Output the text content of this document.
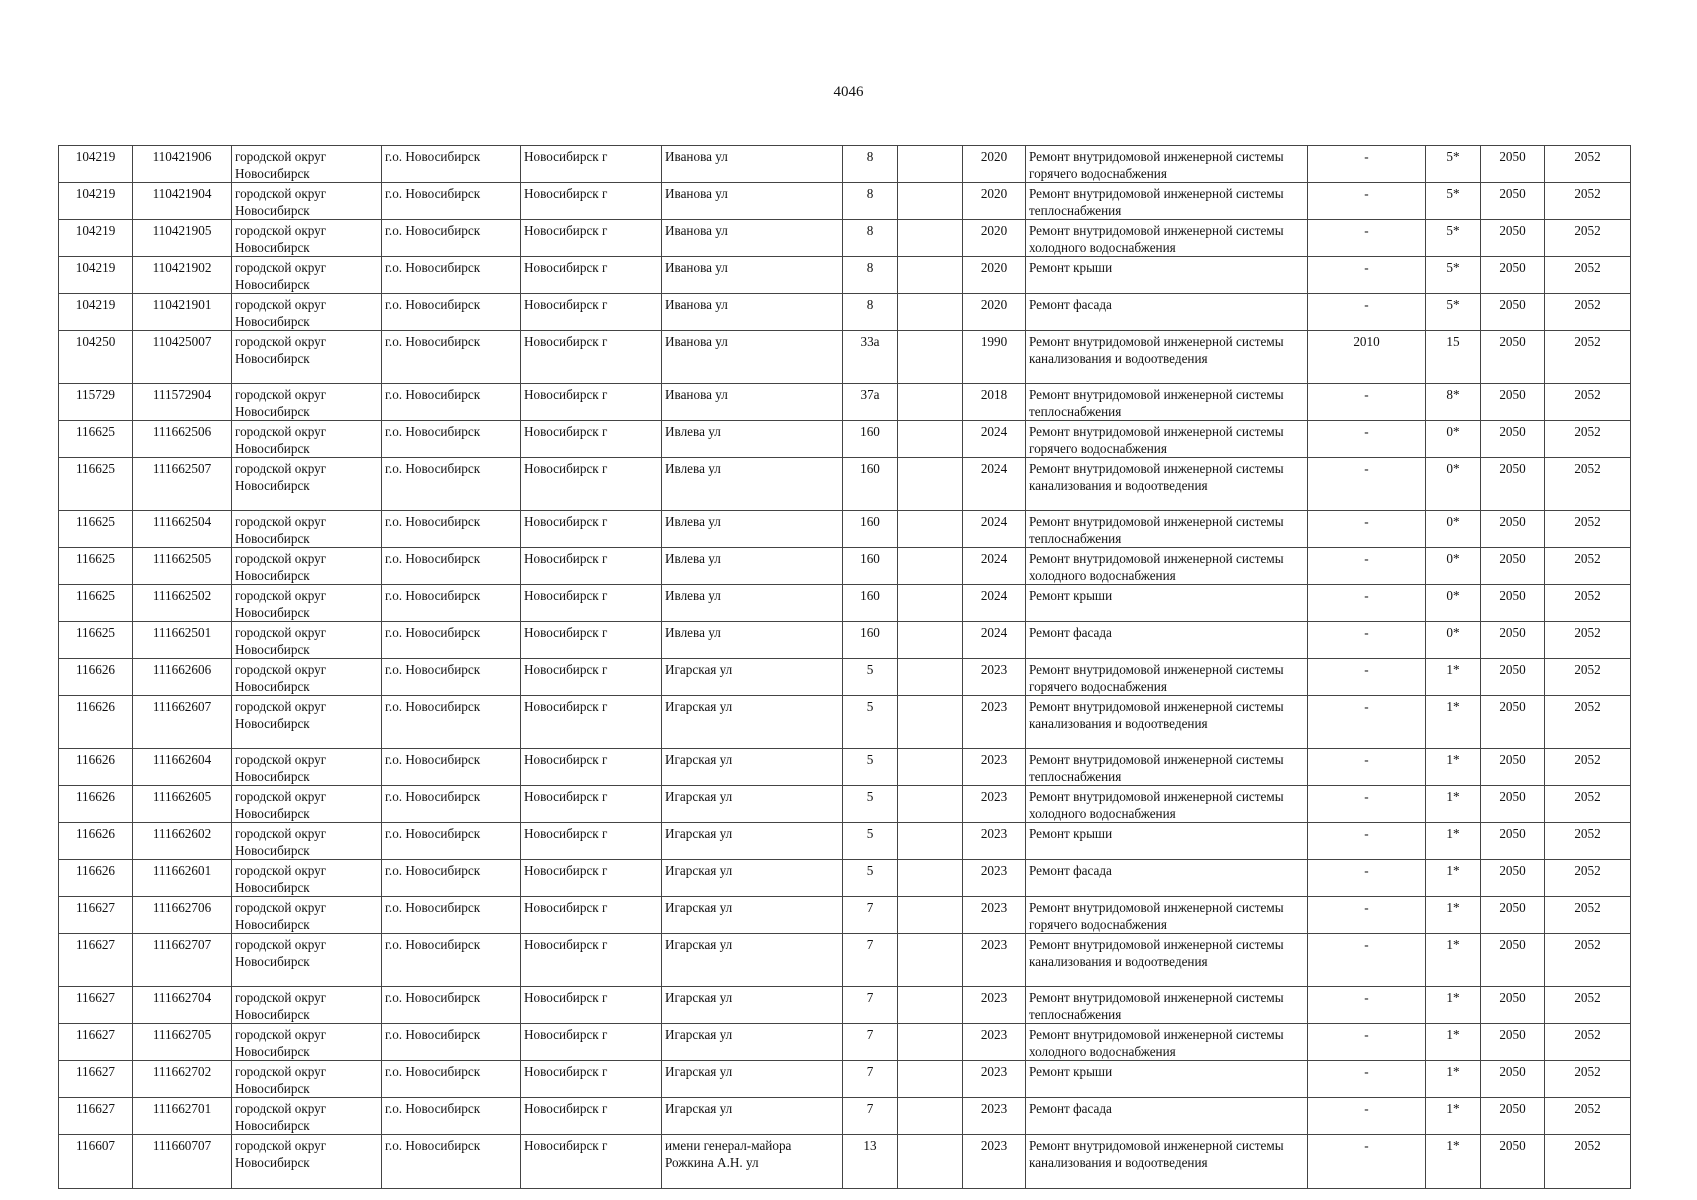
4046
104219	110421906	городской округ Новосибирск	г.о. Новосибирск	Новосибирск г	Иванова ул	8		2020	Ремонт внутридомовой инженерной системы горячего водоснабжения	-	5*	2050	2052
104219	110421904	городской округ Новосибирск	г.о. Новосибирск	Новосибирск г	Иванова ул	8		2020	Ремонт внутридомовой инженерной системы теплоснабжения	-	5*	2050	2052
104219	110421905	городской округ Новосибирск	г.о. Новосибирск	Новосибирск г	Иванова ул	8		2020	Ремонт внутридомовой инженерной системы холодного водоснабжения	-	5*	2050	2052
104219	110421902	городской округ Новосибирск	г.о. Новосибирск	Новосибирск г	Иванова ул	8		2020	Ремонт крыши	-	5*	2050	2052
104219	110421901	городской округ Новосибирск	г.о. Новосибирск	Новосибирск г	Иванова ул	8		2020	Ремонт фасада	-	5*	2050	2052
104250	110425007	городской округ Новосибирск	г.о. Новосибирск	Новосибирск г	Иванова ул	33а		1990	Ремонт внутридомовой инженерной системы канализования и водоотведения	2010	15	2050	2052
115729	111572904	городской округ Новосибирск	г.о. Новосибирск	Новосибирск г	Иванова ул	37а		2018	Ремонт внутридомовой инженерной системы теплоснабжения	-	8*	2050	2052
116625	111662506	городской округ Новосибирск	г.о. Новосибирск	Новосибирск г	Ивлева ул	160		2024	Ремонт внутридомовой инженерной системы горячего водоснабжения	-	0*	2050	2052
116625	111662507	городской округ Новосибирск	г.о. Новосибирск	Новосибирск г	Ивлева ул	160		2024	Ремонт внутридомовой инженерной системы канализования и водоотведения	-	0*	2050	2052
116625	111662504	городской округ Новосибирск	г.о. Новосибирск	Новосибирск г	Ивлева ул	160		2024	Ремонт внутридомовой инженерной системы теплоснабжения	-	0*	2050	2052
116625	111662505	городской округ Новосибирск	г.о. Новосибирск	Новосибирск г	Ивлева ул	160		2024	Ремонт внутридомовой инженерной системы холодного водоснабжения	-	0*	2050	2052
116625	111662502	городской округ Новосибирск	г.о. Новосибирск	Новосибирск г	Ивлева ул	160		2024	Ремонт крыши	-	0*	2050	2052
116625	111662501	городской округ Новосибирск	г.о. Новосибирск	Новосибирск г	Ивлева ул	160		2024	Ремонт фасада	-	0*	2050	2052
116626	111662606	городской округ Новосибирск	г.о. Новосибирск	Новосибирск г	Игарская ул	5		2023	Ремонт внутридомовой инженерной системы горячего водоснабжения	-	1*	2050	2052
116626	111662607	городской округ Новосибирск	г.о. Новосибирск	Новосибирск г	Игарская ул	5		2023	Ремонт внутридомовой инженерной системы канализования и водоотведения	-	1*	2050	2052
116626	111662604	городской округ Новосибирск	г.о. Новосибирск	Новосибирск г	Игарская ул	5		2023	Ремонт внутридомовой инженерной системы теплоснабжения	-	1*	2050	2052
116626	111662605	городской округ Новосибирск	г.о. Новосибирск	Новосибирск г	Игарская ул	5		2023	Ремонт внутридомовой инженерной системы холодного водоснабжения	-	1*	2050	2052
116626	111662602	городской округ Новосибирск	г.о. Новосибирск	Новосибирск г	Игарская ул	5		2023	Ремонт крыши	-	1*	2050	2052
116626	111662601	городской округ Новосибирск	г.о. Новосибирск	Новосибирск г	Игарская ул	5		2023	Ремонт фасада	-	1*	2050	2052
116627	111662706	городской округ Новосибирск	г.о. Новосибирск	Новосибирск г	Игарская ул	7		2023	Ремонт внутридомовой инженерной системы горячего водоснабжения	-	1*	2050	2052
116627	111662707	городской округ Новосибирск	г.о. Новосибирск	Новосибирск г	Игарская ул	7		2023	Ремонт внутридомовой инженерной системы канализования и водоотведения	-	1*	2050	2052
116627	111662704	городской округ Новосибирск	г.о. Новосибирск	Новосибирск г	Игарская ул	7		2023	Ремонт внутридомовой инженерной системы теплоснабжения	-	1*	2050	2052
116627	111662705	городской округ Новосибирск	г.о. Новосибирск	Новосибирск г	Игарская ул	7		2023	Ремонт внутридомовой инженерной системы холодного водоснабжения	-	1*	2050	2052
116627	111662702	городской округ Новосибирск	г.о. Новосибирск	Новосибирск г	Игарская ул	7		2023	Ремонт крыши	-	1*	2050	2052
116627	111662701	городской округ Новосибирск	г.о. Новосибирск	Новосибирск г	Игарская ул	7		2023	Ремонт фасада	-	1*	2050	2052
116607	111660707	городской округ Новосибирск	г.о. Новосибирск	Новосибирск г	имени генерал-майора Рожкина А.Н. ул	13		2023	Ремонт внутридомовой инженерной системы канализования и водоотведения	-	1*	2050	2052
